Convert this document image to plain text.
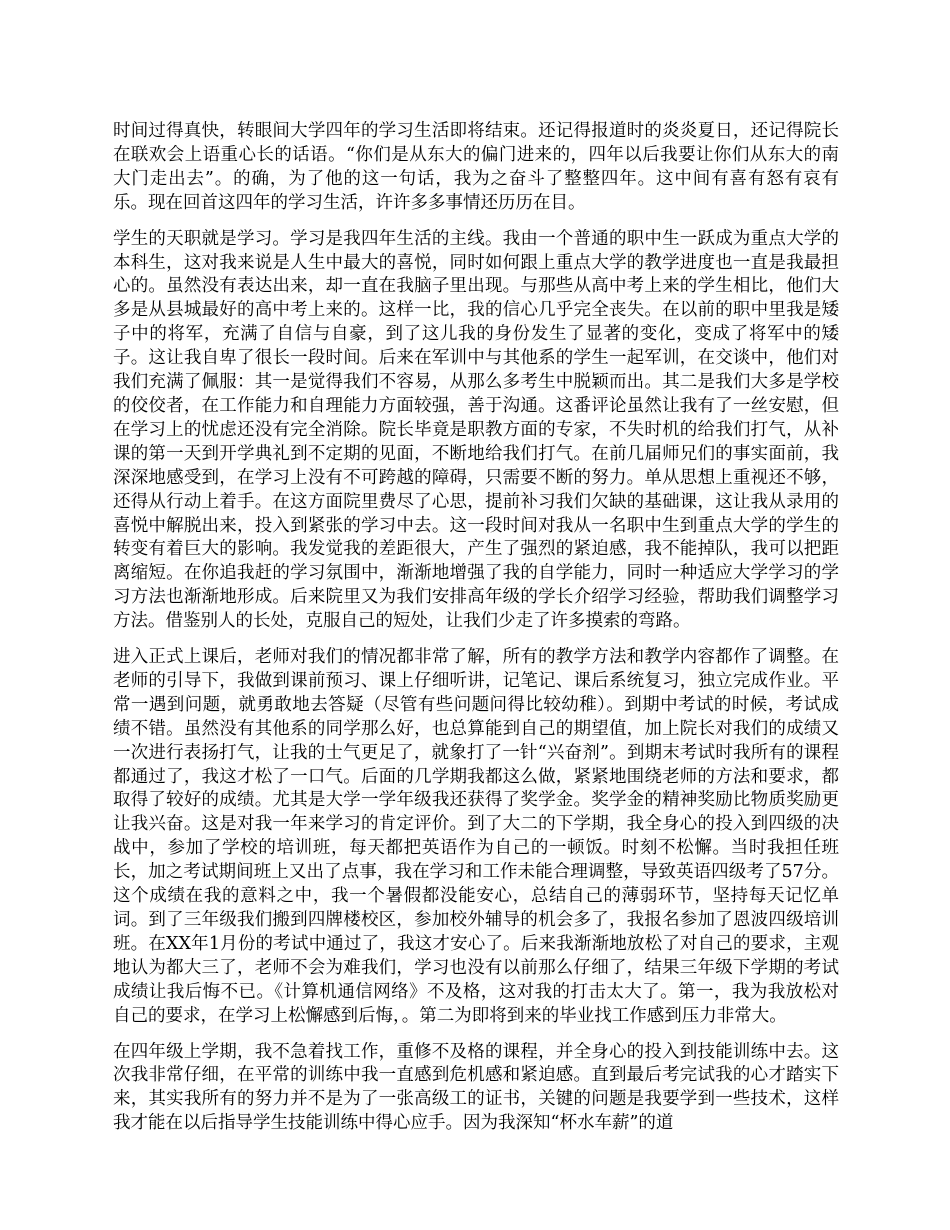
时间过得真快，转眼间大学四年的学习生活即将结束。还记得报道时的炎炎夏日，还记得院长在联欢会上语重心长的话语。“你们是从东大的偏门进来的，四年以后我要让你们从东大的南大门走出去”。的确，为了他的这一句话，我为之奋斗了整整四年。这中间有喜有怒有哀有乐。现在回首这四年的学习生活，许许多多事情还历历在目。

学生的天职就是学习。学习是我四年生活的主线。我由一个普通的职中生一跃成为重点大学的本科生，这对我来说是人生中最大的喜悦，同时如何跟上重点大学的教学进度也一直是我最担心的。虽然没有表达出来，却一直在我脑子里出现。与那些从高中考上来的学生相比，他们大多是从县城最好的高中考上来的。这样一比，我的信心几乎完全丧失。在以前的职中里我是矮子中的将军，充满了自信与自豪，到了这儿我的身份发生了显著的变化，变成了将军中的矮子。这让我自卑了很长一段时间。后来在军训中与其他系的学生一起军训，在交谈中，他们对我们充满了佩服：其一是觉得我们不容易，从那么多考生中脱颖而出。其二是我们大多是学校的佼佼者，在工作能力和自理能力方面较强，善于沟通。这番评论虽然让我有了一丝安慰，但在学习上的忧虑还没有完全消除。院长毕竟是职教方面的专家，不失时机的给我们打气，从补课的第一天到开学典礼到不定期的见面，不断地给我们打气。在前几届师兄们的事实面前，我深深地感受到，在学习上没有不可跨越的障碍，只需要不断的努力。单从思想上重视还不够，还得从行动上着手。在这方面院里费尽了心思，提前补习我们欠缺的基础课，这让我从录用的喜悦中解脱出来，投入到紧张的学习中去。这一段时间对我从一名职中生到重点大学的学生的转变有着巨大的影响。我发觉我的差距很大，产生了强烈的紧迫感，我不能掉队，我可以把距离缩短。在你追我赶的学习氛围中，渐渐地增强了我的自学能力，同时一种适应大学学习的学习方法也渐渐地形成。后来院里又为我们安排高年级的学长介绍学习经验，帮助我们调整学习方法。借鉴别人的长处，克服自己的短处，让我们少走了许多摸索的弯路。

进入正式上课后，老师对我们的情况都非常了解，所有的教学方法和教学内容都作了调整。在老师的引导下，我做到课前预习、课上仔细听讲，记笔记、课后系统复习，独立完成作业。平常一遇到问题，就勇敢地去答疑（尽管有些问题问得比较幼稚）。到期中考试的时候，考试成绩不错。虽然没有其他系的同学那么好，也总算能到自己的期望值，加上院长对我们的成绩又一次进行表扬打气，让我的士气更足了，就象打了一针“兴奋剂”。到期末考试时我所有的课程都通过了，我这才松了一口气。后面的几学期我都这么做，紧紧地围绕老师的方法和要求，都取得了较好的成绩。尤其是大学一学年级我还获得了奖学金。奖学金的精神奖励比物质奖励更让我兴奋。这是对我一年来学习的肯定评价。到了大二的下学期，我全身心的投入到四级的决战中，参加了学校的培训班，每天都把英语作为自己的一顿饭。时刻不松懈。当时我担任班长，加之考试期间班上又出了点事，我在学习和工作未能合理调整，导致英语四级考了57分。这个成绩在我的意料之中，我一个暑假都没能安心，总结自己的薄弱环节，坚持每天记忆单词。到了三年级我们搬到四牌楼校区，参加校外辅导的机会多了，我报名参加了恩波四级培训班。在XX年1月份的考试中通过了，我这才安心了。后来我渐渐地放松了对自己的要求，主观地认为都大三了，老师不会为难我们，学习也没有以前那么仔细了，结果三年级下学期的考试成绩让我后悔不已。《计算机通信网络》不及格，这对我的打击太大了。第一，我为我放松对自己的要求，在学习上松懈感到后悔，。第二为即将到来的毕业找工作感到压力非常大。

在四年级上学期，我不急着找工作，重修不及格的课程，并全身心的投入到技能训练中去。这次我非常仔细，在平常的训练中我一直感到危机感和紧迫感。直到最后考完试我的心才踏实下来，其实我所有的努力并不是为了一张高级工的证书，关键的问题是我要学到一些技术，这样我才能在以后指导学生技能训练中得心应手。因为我深知“杯水车薪”的道
